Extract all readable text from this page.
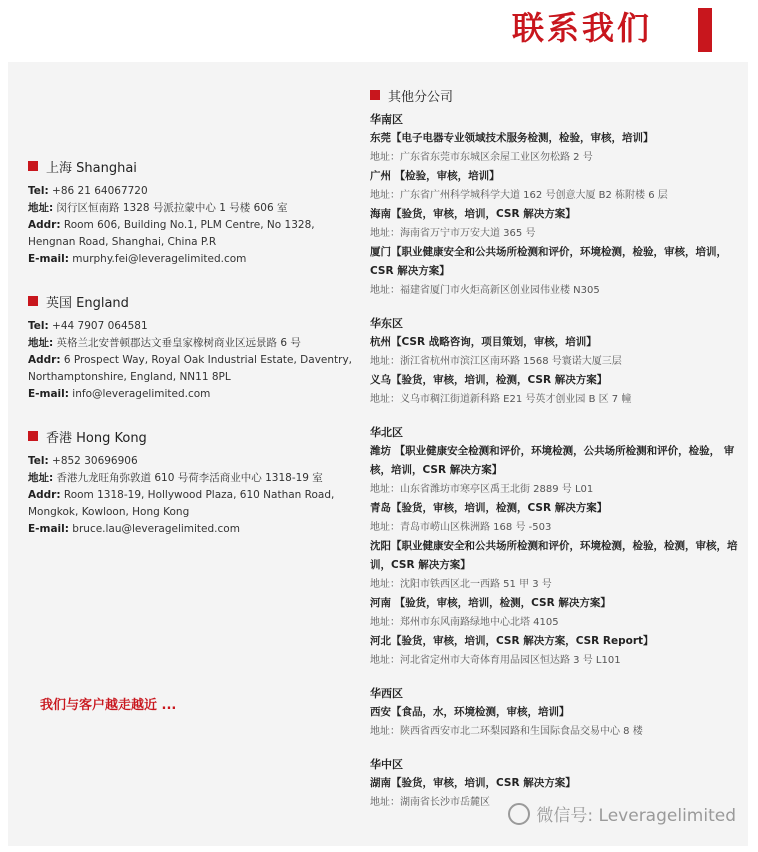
联系我们
上海 Shanghai
Tel: +86 21 64067720
地址: 闵行区恒南路 1328 号派拉蒙中心 1 号楼 606 室
Addr: Room 606, Building No.1, PLM Centre, No 1328, Hengnan Road, Shanghai, China P.R
E-mail: murphy.fei@leveragelimited.com
英国 England
Tel: +44 7907 064581
地址: 英格兰北安普顿郡达文垂皇家橡树商业区远景路 6 号
Addr: 6 Prospect Way, Royal Oak Industrial Estate, Daventry, Northamptonshire, England, NN11 8PL
E-mail: info@leveragelimited.com
香港 Hong Kong
Tel: +852 30696906
地址: 香港九龙旺角弥敦道 610 号荷李活商业中心 1318-19 室
Addr: Room 1318-19, Hollywood Plaza, 610 Nathan Road, Mongkok, Kowloon, Hong Kong
E-mail: bruce.lau@leveragelimited.com
我们与客户越走越近 ...
其他分公司
华南区
东莞【电子电器专业领域技术服务检测，检验，审核，培训】
地址：广东省东莞市东城区余屋工业区勿松路 2 号
广州 【检验，审核，培训】
地址：广东省广州科学城科学大道 162 号创意大厦 B2 栋附楼 6 层
海南【验货，审核，培训，CSR 解决方案】
地址：海南省万宁市万安大道 365 号
厦门【职业健康安全和公共场所检测和评价，环境检测，检验，审核，培训，CSR 解决方案】
地址：福建省厦门市火炬高新区创业园伟业楼 N305
华东区
杭州【CSR 战略咨询，项目策划，审核，培训】
地址：浙江省杭州市滨江区南环路 1568 号寰诺大厦三层
义乌【验货，审核，培训，检测，CSR 解决方案】
地址：义乌市稠江街道新科路 E21 号英才创业园 B 区 7 幢
华北区
潍坊 【职业健康安全检测和评价，环境检测，公共场所检测和评价，检验， 审核，培训，CSR 解决方案】
地址：山东省潍坊市寒亭区禹王北街 2889 号 L01
青岛【验货，审核，培训，检测，CSR 解决方案】
地址：青岛市崂山区株洲路 168 号 -503
沈阳【职业健康安全和公共场所检测和评价，环境检测，检验，检测，审核，培训，CSR 解决方案】
地址：沈阳市铁西区北一西路 51 甲 3 号
河南 【验货，审核，培训，检测，CSR 解决方案】
地址：郑州市东风南路绿地中心北塔 4105
河北【验货，审核，培训，CSR 解决方案，CSR Report】
地址：河北省定州市大奇体育用品园区恒达路 3 号 L101
华西区
西安【食品，水，环境检测，审核，培训】
地址：陕西省西安市北二环梨园路和生国际食品交易中心 8 楼
华中区
湖南【验货，审核，培训，CSR 解决方案】
地址：湖南省长沙市岳麓区
微信号: Leveragelimited
